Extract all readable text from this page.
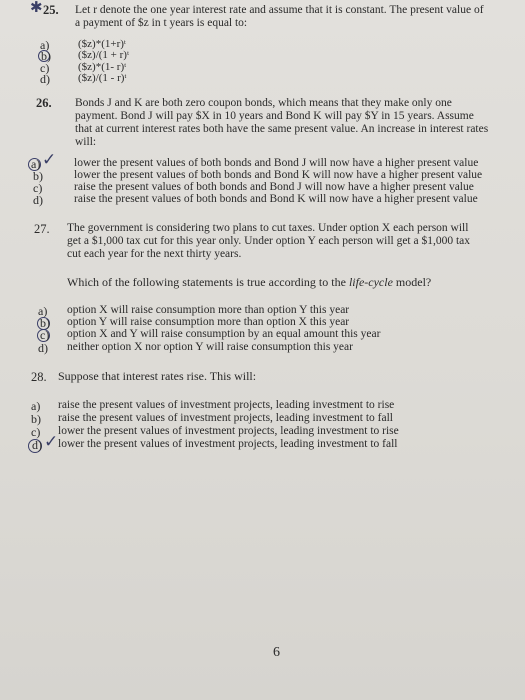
✱ 25. Let r denote the one year interest rate and assume that it is constant. The present value of
a payment of $z in t years is equal to:
a)	($z)*(1+r)ᵗ
b) ($z)/(1 + r)ᵗ
c)	($z)*(1- r)ᵗ
d)	($z)/(1 - r)ᵗ
26. Bonds J and K are both zero coupon bonds, which means that they make only one
payment. Bond J will pay $X in 10 years and Bond K will pay $Y in 15 years. Assume
that at current interest rates both have the same present value. An increase in interest rates
will:
a) ✓ lower the present values of both bonds and Bond J will now have a higher present value
b)	lower the present values of both bonds and Bond K will now have a higher present value
c)	raise the present values of both bonds and Bond J will now have a higher present value
d)	raise the present values of both bonds and Bond K will now have a higher present value
27. The government is considering two plans to cut taxes. Under option X each person will
get a $1,000 tax cut for this year only. Under option Y each person will get a $1,000 tax
cut each year for the next thirty years.
Which of the following statements is true according to the life-cycle model?
a) option X will raise consumption more than option Y this year
b) option Y will raise consumption more than option X this year
c) option X and Y will raise consumption by an equal amount this year
d) neither option X nor option Y will raise consumption this year
28. Suppose that interest rates rise. This will:
a) raise the present values of investment projects, leading investment to rise
b) raise the present values of investment projects, leading investment to fall
c) lower the present values of investment projects, leading investment to rise
d) ✓ lower the present values of investment projects, leading investment to fall
6
